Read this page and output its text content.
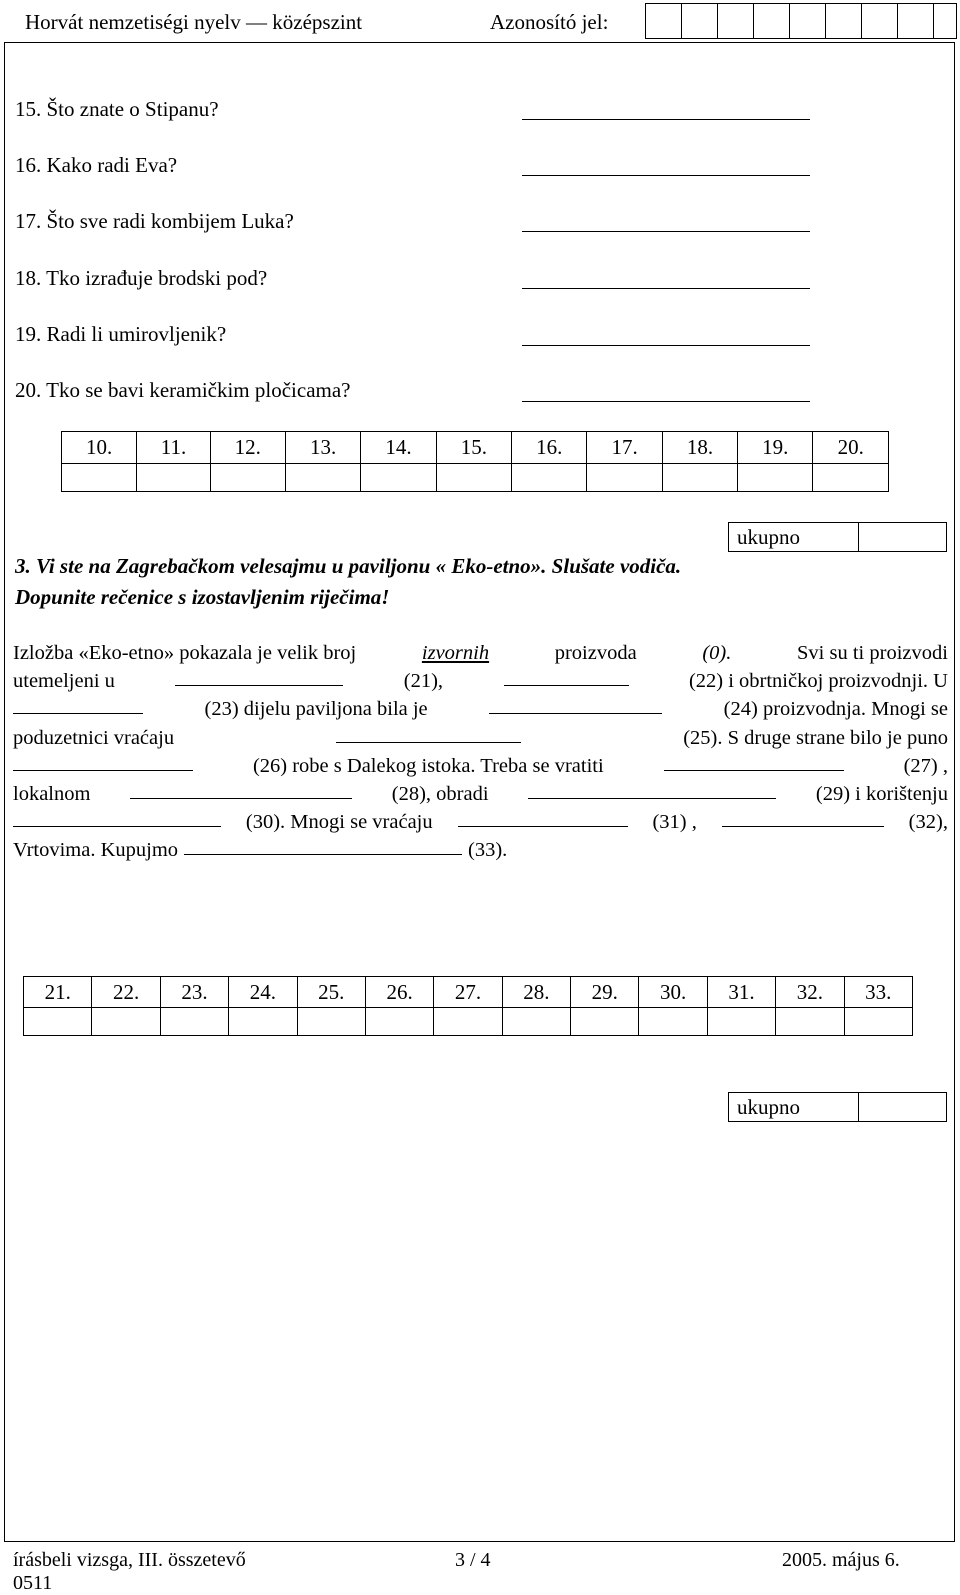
Horvát nemzetiségi nyelv — középszint	Azonosító jel:
15. Što znate o Stipanu?
16. Kako radi Eva?
17. Što sve radi kombijem Luka?
18. Tko izrađuje brodski pod?
19. Radi li umirovljenik?
20. Tko se bavi keramičkim pločicama?
10.	11.	12.	13.	14.	15.	16.	17.	18.	19.	20.

ukupno
3. Vi ste na Zagrebačkom velesajmu u paviljonu « Eko-etno». Slušate vodiča.
Dopunite rečenice s izostavljenim riječima!
Izložba «Eko-etno» pokazala je velik broj	izvornih	proizvoda	(0).	Svi su ti proizvodi
utemeljeni u	(21),	(22) i obrtničkoj proizvodnji. U
(23) dijelu paviljona bila je	(24) proizvodnja. Mnogi se
poduzetnici vraćaju	(25). S druge strane bilo je puno
(26) robe s Dalekog istoka. Treba se vratiti	(27) ,
lokalnom	(28), obradi	(29) i korištenju
(30). Mnogi se vraćaju	(31) ,	(32),
Vrtovima. Kupujmo	(33).
21.	22.	23.	24.	25.	26.	27.	28.	29.	30.	31.	32.	33.

ukupno
írásbeli vizsga, III. összetevő	3 / 4	2005. május 6.
0511
